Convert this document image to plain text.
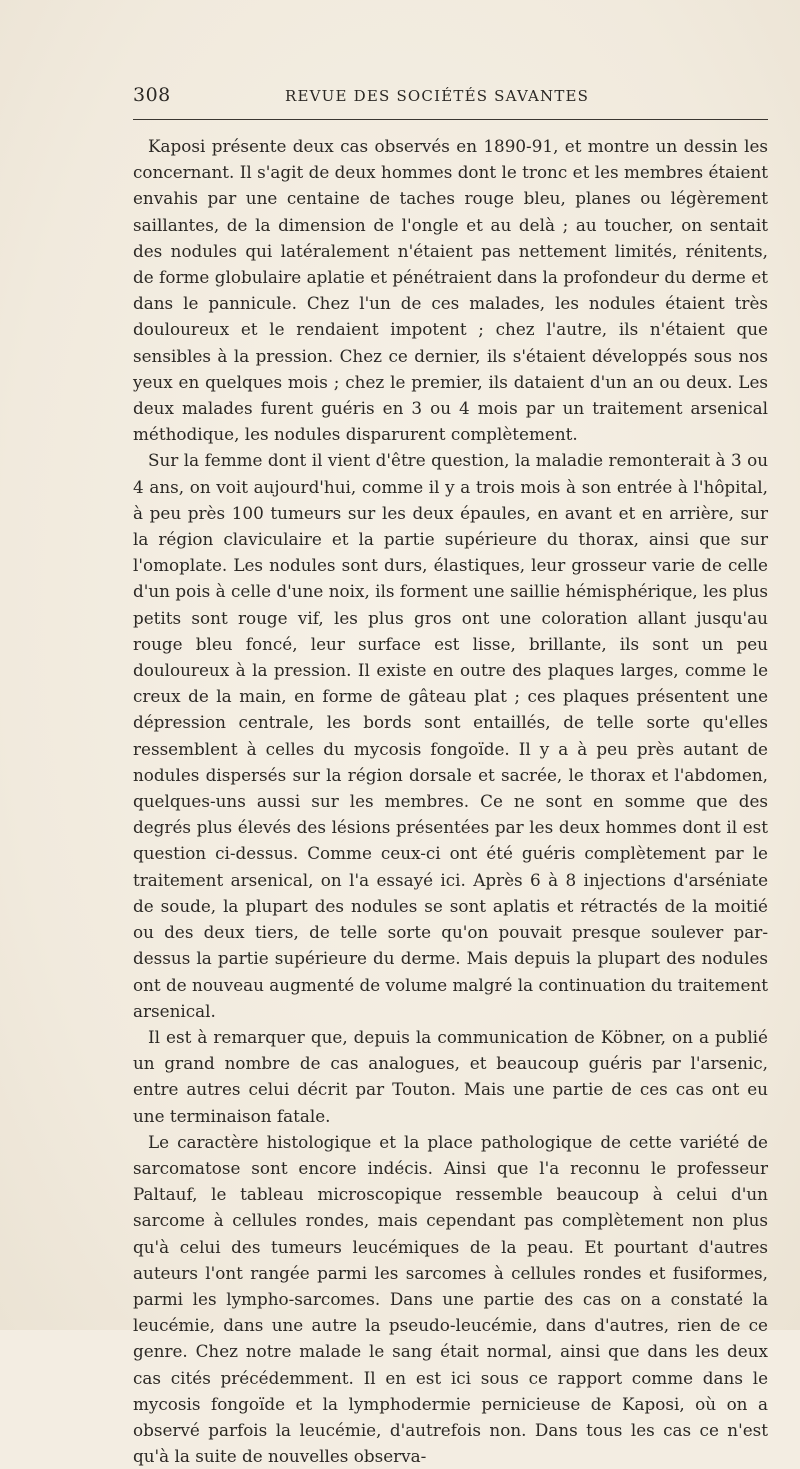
308	REVUE DES SOCIÉTÉS SAVANTES

Kaposi présente deux cas observés en 1890-91, et montre un dessin les concernant. Il s'agit de deux hommes dont le tronc et les membres étaient envahis par une centaine de taches rouge bleu, planes ou légèrement saillantes, de la dimension de l'ongle et au delà ; au toucher, on sentait des nodules qui latéralement n'étaient pas nettement limités, rénitents, de forme globulaire aplatie et pénétraient dans la profondeur du derme et dans le pannicule. Chez l'un de ces malades, les nodules étaient très douloureux et le rendaient impotent ; chez l'autre, ils n'étaient que sensibles à la pression. Chez ce dernier, ils s'étaient développés sous nos yeux en quelques mois ; chez le premier, ils dataient d'un an ou deux. Les deux malades furent guéris en 3 ou 4 mois par un traitement arsenical méthodique, les nodules disparurent complètement.

Sur la femme dont il vient d'être question, la maladie remonterait à 3 ou 4 ans, on voit aujourd'hui, comme il y a trois mois à son entrée à l'hôpital, à peu près 100 tumeurs sur les deux épaules, en avant et en arrière, sur la région claviculaire et la partie supérieure du thorax, ainsi que sur l'omoplate. Les nodules sont durs, élastiques, leur grosseur varie de celle d'un pois à celle d'une noix, ils forment une saillie hémisphérique, les plus petits sont rouge vif, les plus gros ont une coloration allant jusqu'au rouge bleu foncé, leur surface est lisse, brillante, ils sont un peu douloureux à la pression. Il existe en outre des plaques larges, comme le creux de la main, en forme de gâteau plat ; ces plaques présentent une dépression centrale, les bords sont entaillés, de telle sorte qu'elles ressemblent à celles du mycosis fongoïde. Il y a à peu près autant de nodules dispersés sur la région dorsale et sacrée, le thorax et l'abdomen, quelques-uns aussi sur les membres. Ce ne sont en somme que des degrés plus élevés des lésions présentées par les deux hommes dont il est question ci-dessus. Comme ceux-ci ont été guéris complètement par le traitement arsenical, on l'a essayé ici. Après 6 à 8 injections d'arséniate de soude, la plupart des nodules se sont aplatis et rétractés de la moitié ou des deux tiers, de telle sorte qu'on pouvait presque soulever par-dessus la partie supérieure du derme. Mais depuis la plupart des nodules ont de nouveau augmenté de volume malgré la continuation du traitement arsenical.

Il est à remarquer que, depuis la communication de Köbner, on a publié un grand nombre de cas analogues, et beaucoup guéris par l'arsenic, entre autres celui décrit par Touton. Mais une partie de ces cas ont eu une terminaison fatale.

Le caractère histologique et la place pathologique de cette variété de sarcomatose sont encore indécis. Ainsi que l'a reconnu le professeur Paltauf, le tableau microscopique ressemble beaucoup à celui d'un sarcome à cellules rondes, mais cependant pas complètement non plus qu'à celui des tumeurs leucémiques de la peau. Et pourtant d'autres auteurs l'ont rangée parmi les sarcomes à cellules rondes et fusiformes, parmi les lympho-sarcomes. Dans une partie des cas on a constaté la leucémie, dans une autre la pseudo-leucémie, dans d'autres, rien de ce genre. Chez notre malade le sang était normal, ainsi que dans les deux cas cités précédemment. Il en est ici sous ce rapport comme dans le mycosis fongoïde et la lymphodermie pernicieuse de Kaposi, où on a observé parfois la leucémie, d'autrefois non. Dans tous les cas ce n'est qu'à la suite de nouvelles observa-
